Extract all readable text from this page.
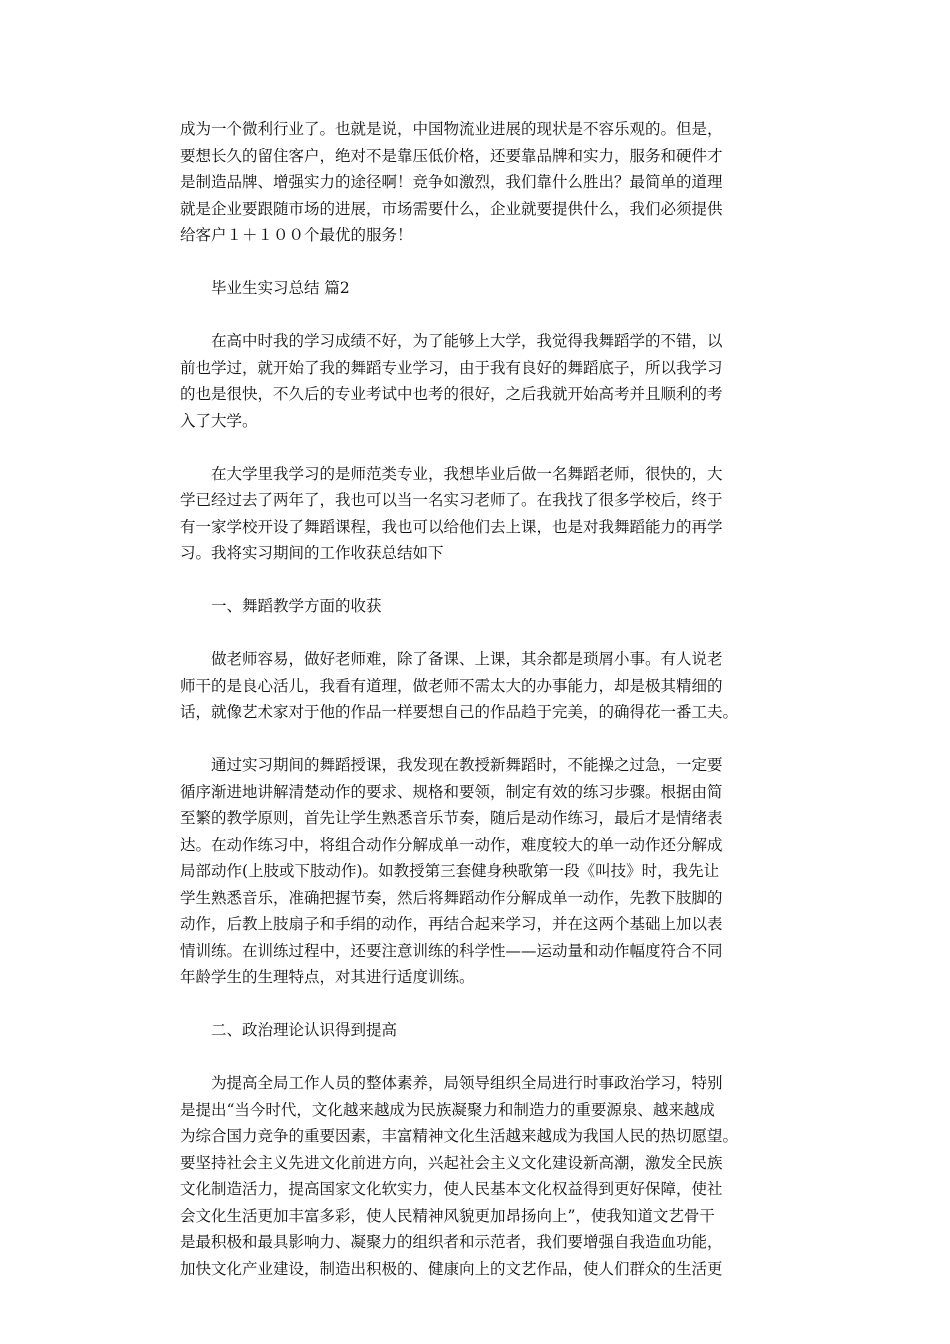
成为一个微利行业了。也就是说，中国物流业进展的现状是不容乐观的。但是，
要想长久的留住客户，绝对不是靠压低价格，还要靠品牌和实力，服务和硬件才
是制造品牌、增强实力的途径啊！竞争如激烈，我们靠什么胜出？最简单的道理
就是企业要跟随市场的进展，市场需要什么，企业就要提供什么，我们必须提供
给客户１＋１００个最优的服务！
毕业生实习总结 篇2
在高中时我的学习成绩不好，为了能够上大学，我觉得我舞蹈学的不错，以
前也学过，就开始了我的舞蹈专业学习，由于我有良好的舞蹈底子，所以我学习
的也是很快，不久后的专业考试中也考的很好，之后我就开始高考并且顺利的考
入了大学。
在大学里我学习的是师范类专业，我想毕业后做一名舞蹈老师，很快的，大
学已经过去了两年了，我也可以当一名实习老师了。在我找了很多学校后，终于
有一家学校开设了舞蹈课程，我也可以给他们去上课，也是对我舞蹈能力的再学
习。我将实习期间的工作收获总结如下
一、舞蹈教学方面的收获
做老师容易，做好老师难，除了备课、上课，其余都是琐屑小事。有人说老
师干的是良心活儿，我看有道理，做老师不需太大的办事能力，却是极其精细的
话，就像艺术家对于他的作品一样要想自己的作品趋于完美，的确得花一番工夫。
通过实习期间的舞蹈授课，我发现在教授新舞蹈时，不能操之过急，一定要
循序渐进地讲解清楚动作的要求、规格和要领，制定有效的练习步骤。根据由简
至繁的教学原则，首先让学生熟悉音乐节奏，随后是动作练习，最后才是情绪表
达。在动作练习中，将组合动作分解成单一动作，难度较大的单一动作还分解成
局部动作(上肢或下肢动作)。如教授第三套健身秧歌第一段《叫技》时，我先让
学生熟悉音乐，准确把握节奏，然后将舞蹈动作分解成单一动作，先教下肢脚的
动作，后教上肢扇子和手绢的动作，再结合起来学习，并在这两个基础上加以表
情训练。在训练过程中，还要注意训练的科学性——运动量和动作幅度符合不同
年龄学生的生理特点，对其进行适度训练。
二、政治理论认识得到提高
为提高全局工作人员的整体素养，局领导组织全局进行时事政治学习，特别
是提出“当今时代，文化越来越成为民族凝聚力和制造力的重要源泉、越来越成
为综合国力竞争的重要因素，丰富精神文化生活越来越成为我国人民的热切愿望。
要坚持社会主义先进文化前进方向，兴起社会主义文化建设新高潮，激发全民族
文化制造活力，提高国家文化软实力，使人民基本文化权益得到更好保障，使社
会文化生活更加丰富多彩，使人民精神风貌更加昂扬向上”，使我知道文艺骨干
是最积极和最具影响力、凝聚力的组织者和示范者，我们要增强自我造血功能，
加快文化产业建设，制造出积极的、健康向上的文艺作品，使人们群众的生活更
